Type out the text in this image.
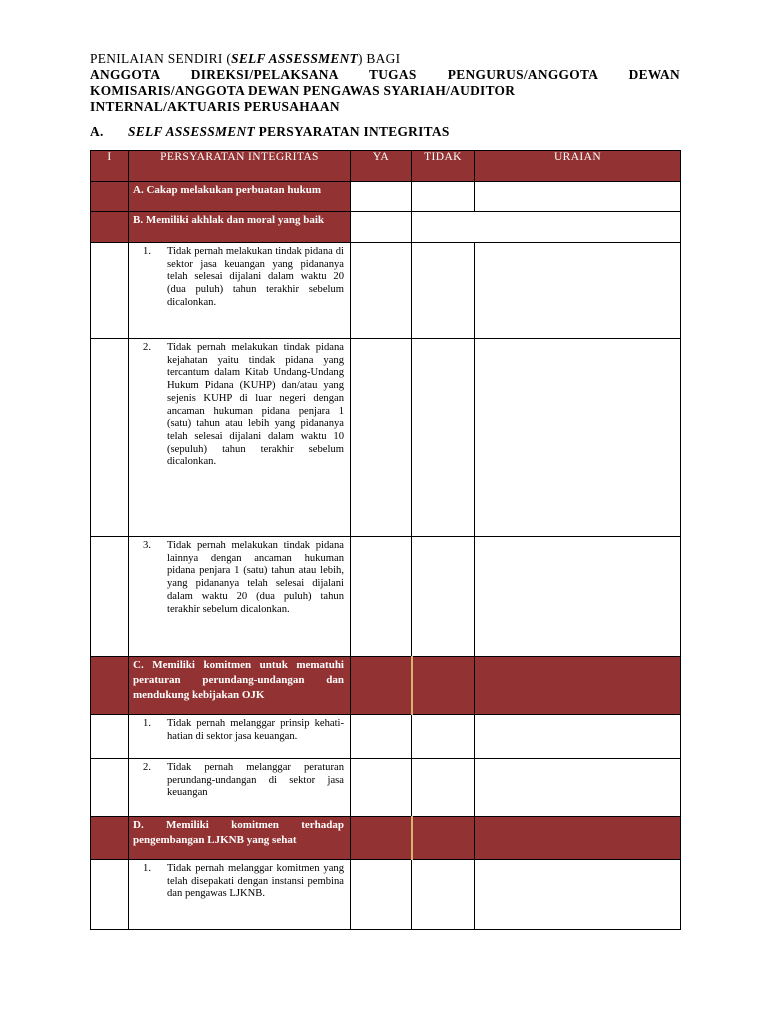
PENILAIAN SENDIRI (SELF ASSESSMENT) BAGI
ANGGOTA DIREKSI/PELAKSANA TUGAS PENGURUS/ANGGOTA DEWAN
KOMISARIS/ANGGOTA DEWAN PENGAWAS SYARIAH/AUDITOR
INTERNAL/AKTUARIS PERUSAHAAN
A. SELF ASSESSMENT PERSYARATAN INTEGRITAS
I	PERSYARATAN INTEGRITAS	YA	TIDAK	URAIAN
	A. Cakap melakukan perbuatan hukum			
	B. Memiliki akhlak dan moral yang baik			
	1. Tidak pernah melakukan tindak pidana di sektor jasa keuangan yang pidananya telah selesai dijalani dalam waktu 20 (dua puluh) tahun terakhir sebelum dicalonkan.			

	2. Tidak pernah melakukan tindak pidana kejahatan yaitu tindak pidana yang tercantum dalam Kitab Undang-Undang Hukum Pidana (KUHP) dan/atau yang sejenis KUHP di luar negeri dengan ancaman hukuman pidana penjara 1 (satu) tahun atau lebih yang pidananya telah selesai dijalani dalam waktu 10 (sepuluh) tahun terakhir sebelum dicalonkan.			

	3. Tidak pernah melakukan tindak pidana lainnya dengan ancaman hukuman pidana penjara 1 (satu) tahun atau lebih, yang pidananya telah selesai dijalani dalam waktu 20 (dua puluh) tahun terakhir sebelum dicalonkan.			

	C. Memiliki komitmen untuk mematuhi peraturan perundang-undangan dan mendukung kebijakan OJK			
	1. Tidak pernah melanggar prinsip kehati-hatian di sektor jasa keuangan.			

	2. Tidak pernah melanggar peraturan perundang-undangan di sektor jasa keuangan			

	D. Memiliki komitmen terhadap pengembangan LJKNB yang sehat			
	1. Tidak pernah melanggar komitmen yang telah disepakati dengan instansi pembina dan pengawas LJKNB.			
